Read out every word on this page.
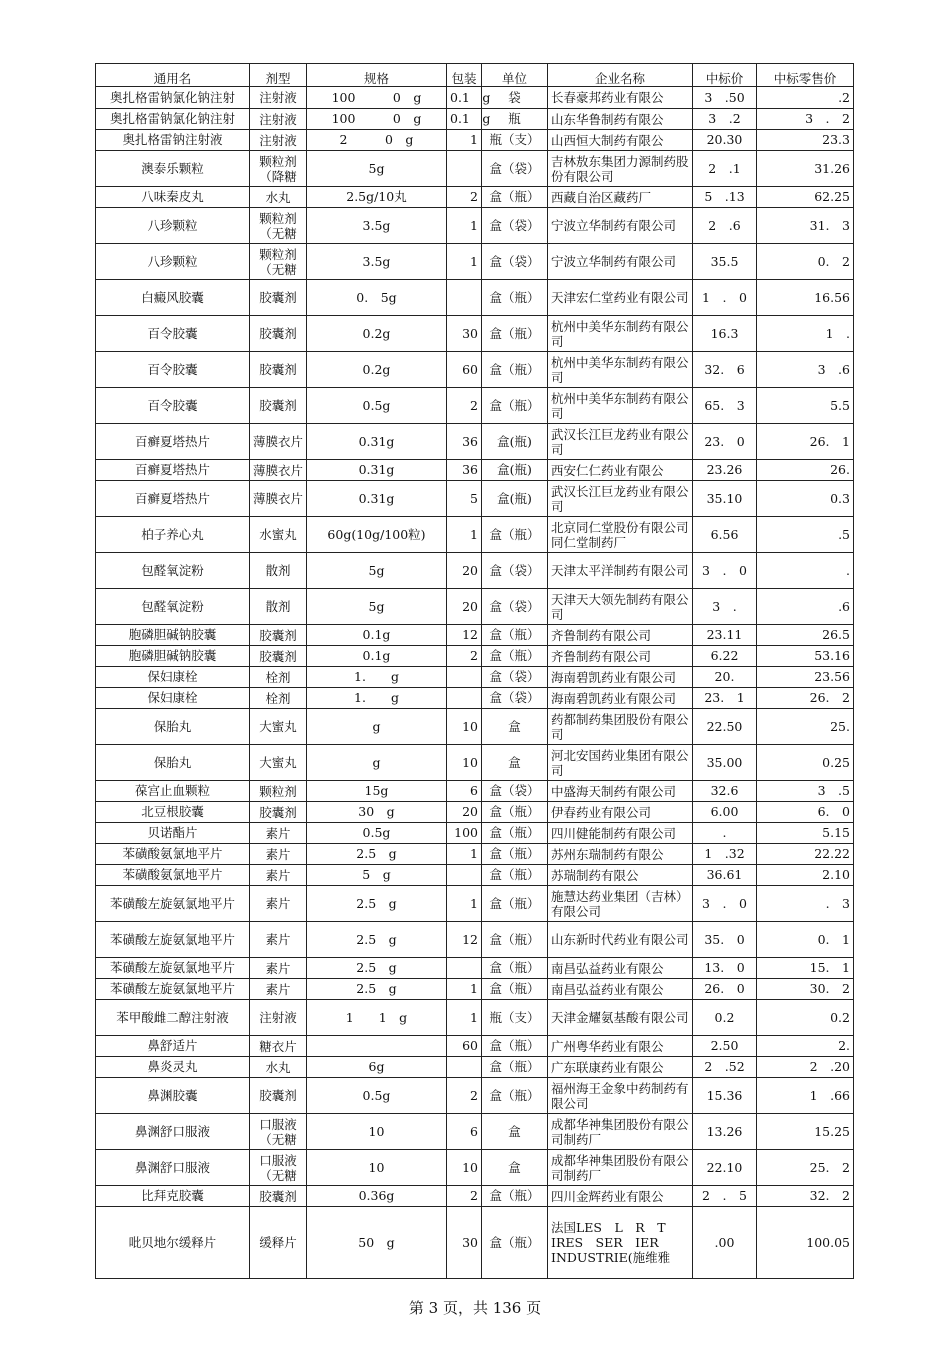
通用名	剂型	规格	包装	单位	企业名称	中标价	中标零售价
奥扎格雷钠氯化钠注射	注射液	100　　　0　g	0.1　g	袋	长春豪邦药业有限公	3　.50	　　　.2
奥扎格雷钠氯化钠注射	注射液	100　　　0　g	0.1　g	瓶	山东华鲁制药有限公	3　.2	3　.　2
奥扎格雷钠注射液	注射液	2　　　0　g	1	瓶（支）	山西恒大制药有限公	20.30	23.3
澳泰乐颗粒	颗粒剂（降糖	5g		盒（袋）	吉林敖东集团力源制药股份有限公司	2　.1	31.26
八味秦皮丸	水丸	2.5g/10丸	2	盒（瓶）	西藏自治区藏药厂	5　.13	62.25
八珍颗粒	颗粒剂（无糖	3.5g	1	盒（袋）	宁波立华制药有限公司	2　.6	31.　3
八珍颗粒	颗粒剂（无糖	3.5g	1	盒（袋）	宁波立华制药有限公司	35.5	0.　2
白癜风胶囊	胶囊剂	0.　5g		盒（瓶）	天津宏仁堂药业有限公司	1　.　0	16.56
百令胶囊	胶囊剂	0.2g	30	盒（瓶）	杭州中美华东制药有限公司	16.3	1　.
百令胶囊	胶囊剂	0.2g	60	盒（瓶）	杭州中美华东制药有限公司	32.　6	3　.6
百令胶囊	胶囊剂	0.5g	2	盒（瓶）	杭州中美华东制药有限公司	65.　3	5.5
百癣夏塔热片	薄膜衣片	0.31g	36	盒(瓶)	武汉长江巨龙药业有限公司	23.　0	26.　1
百癣夏塔热片	薄膜衣片	0.31g	36	盒(瓶)	西安仁仁药业有限公	23.26	26.
百癣夏塔热片	薄膜衣片	0.31g	5	盒(瓶)	武汉长江巨龙药业有限公司	35.10	0.3
柏子养心丸	水蜜丸	60g(10g/100粒)	1	盒（瓶）	北京同仁堂股份有限公司同仁堂制药厂	6.56	.5
包醛氧淀粉	散剂	5g	20	盒（袋）	天津太平洋制药有限公司	3　.　0	.
包醛氧淀粉	散剂	5g	20	盒（袋）	天津天大领先制药有限公司	3　.	.6
胞磷胆碱钠胶囊	胶囊剂	0.1g	12	盒（瓶）	齐鲁制药有限公司	23.11	26.5
胞磷胆碱钠胶囊	胶囊剂	0.1g	2	盒（瓶）	齐鲁制药有限公司	6.22	53.16
保妇康栓	栓剂	1.　　g		盒（袋）	海南碧凯药业有限公司	20.	23.56
保妇康栓	栓剂	1.　　g		盒（袋）	海南碧凯药业有限公司	23.　1	26.　2
保胎丸	大蜜丸	g	10	盒	药都制药集团股份有限公司	22.50	25.
保胎丸	大蜜丸	g	10	盒	河北安国药业集团有限公司	35.00	0.25
葆宫止血颗粒	颗粒剂	15g	6	盒（袋）	中盛海天制药有限公司	32.6	3　.5
北豆根胶囊	胶囊剂	30　g	20	盒（瓶）	伊春药业有限公司	6.00	6.　0
贝诺酯片	素片	0.5g	100	盒（瓶）	四川健能制药有限公司	.	5.15
苯磺酸氨氯地平片	素片	2.5　g	1	盒（瓶）	苏州东瑞制药有限公	1　.32	22.22
苯磺酸氨氯地平片	素片	5　g		盒（瓶）	苏瑞制药有限公	36.61	2.10
苯磺酸左旋氨氯地平片	素片	2.5　g	1	盒（瓶）	施慧达药业集团（吉林）有限公司	3　.　0	.　3
苯磺酸左旋氨氯地平片	素片	2.5　g	12	盒（瓶）	山东新时代药业有限公司	35.　0	0.　1
苯磺酸左旋氨氯地平片	素片	2.5　g		盒（瓶）	南昌弘益药业有限公	13.　0	15.　1
苯磺酸左旋氨氯地平片	素片	2.5　g	1	盒（瓶）	南昌弘益药业有限公	26.　0	30.　2
苯甲酸雌二醇注射液	注射液	1　　1　g	1	瓶（支）	天津金耀氨基酸有限公司	0.2	0.2
鼻舒适片	糖衣片		60	盒（瓶）	广州粤华药业有限公	2.50	2.
鼻炎灵丸	水丸	6g		盒（瓶）	广东联康药业有限公	2　.52	2　.20
鼻渊胶囊	胶囊剂	0.5g	2	盒（瓶）	福州海王金象中药制药有限公司	15.36	1　.66
鼻渊舒口服液	口服液（无糖	10	6	盒	成都华神集团股份有限公司制药厂	13.26	15.25
鼻渊舒口服液	口服液（无糖	10	10	盒	成都华神集团股份有限公司制药厂	22.10	25.　2
比拜克胶囊	胶囊剂	0.36g	2	盒（瓶）	四川金辉药业有限公	2　.　5	32.　2
吡贝地尔缓释片	缓释片	50　g	30	盒（瓶）	法国LES　L　R　T　IRES　SER　IER　INDUSTRIE(施维雅	.00	100.05
第 3 页，共 136 页
